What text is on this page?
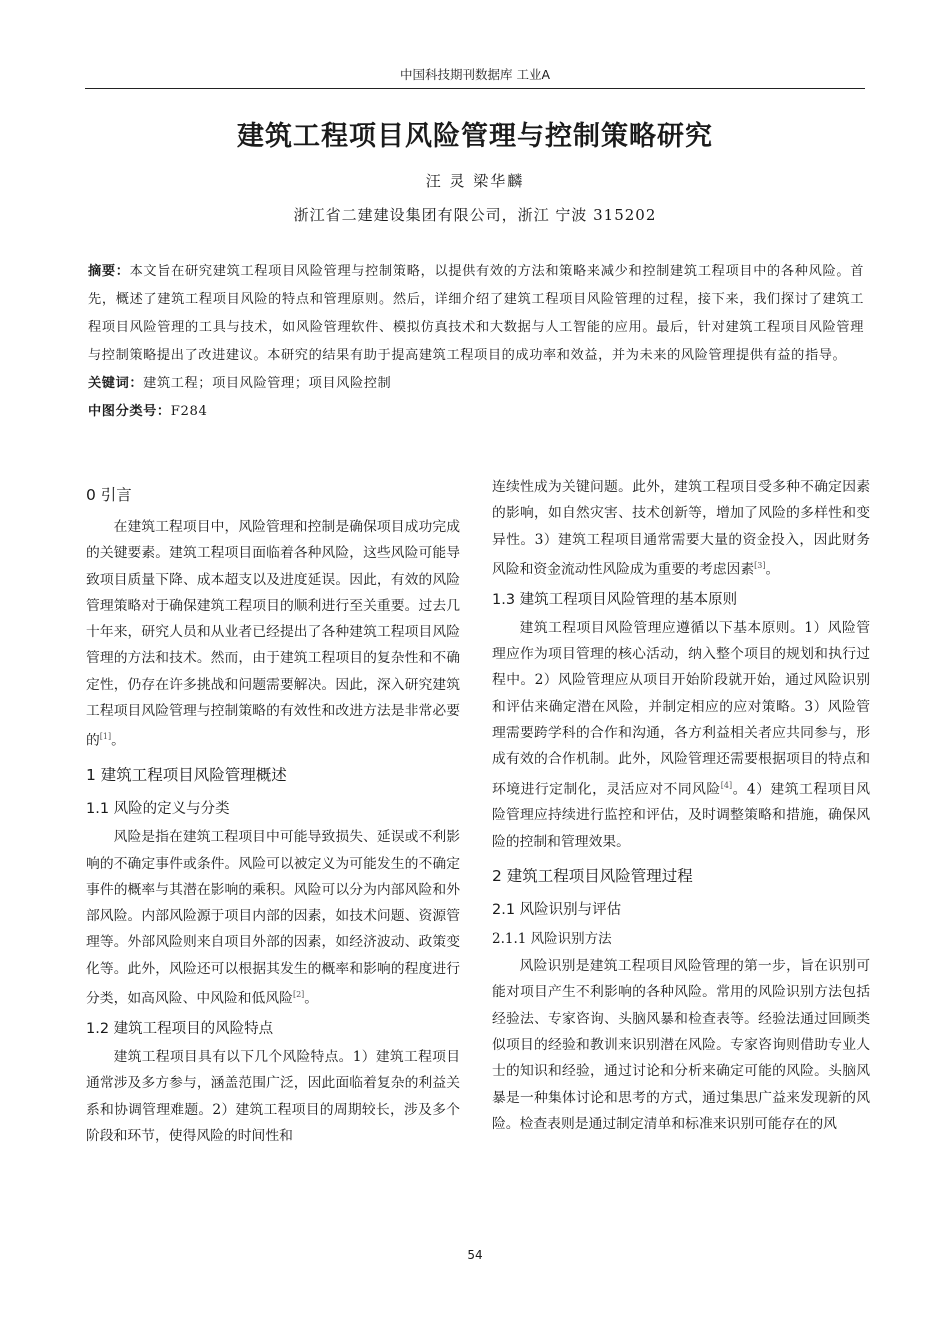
中国科技期刊数据库 工业A
建筑工程项目风险管理与控制策略研究
汪 灵 梁华麟
浙江省二建建设集团有限公司，浙江 宁波 315202

摘要：本文旨在研究建筑工程项目风险管理与控制策略，以提供有效的方法和策略来减少和控制建筑工程项目中的各种风险。首先，概述了建筑工程项目风险的特点和管理原则。然后，详细介绍了建筑工程项目风险管理的过程，接下来，我们探讨了建筑工程项目风险管理的工具与技术，如风险管理软件、模拟仿真技术和大数据与人工智能的应用。最后，针对建筑工程项目风险管理与控制策略提出了改进建议。本研究的结果有助于提高建筑工程项目的成功率和效益，并为未来的风险管理提供有益的指导。

关键词：建筑工程；项目风险管理；项目风险控制

中图分类号：F284

0 引言

在建筑工程项目中，风险管理和控制是确保项目成功完成的关键要素。建筑工程项目面临着各种风险，这些风险可能导致项目质量下降、成本超支以及进度延误。因此，有效的风险管理策略对于确保建筑工程项目的顺利进行至关重要。过去几十年来，研究人员和从业者已经提出了各种建筑工程项目风险管理的方法和技术。然而，由于建筑工程项目的复杂性和不确定性，仍存在许多挑战和问题需要解决。因此，深入研究建筑工程项目风险管理与控制策略的有效性和改进方法是非常必要的[1]。

1 建筑工程项目风险管理概述
1.1 风险的定义与分类

风险是指在建筑工程项目中可能导致损失、延误或不利影响的不确定事件或条件。风险可以被定义为可能发生的不确定事件的概率与其潜在影响的乘积。风险可以分为内部风险和外部风险。内部风险源于项目内部的因素，如技术问题、资源管理等。外部风险则来自项目外部的因素，如经济波动、政策变化等。此外，风险还可以根据其发生的概率和影响的程度进行分类，如高风险、中风险和低风险[2]。

1.2 建筑工程项目的风险特点

建筑工程项目具有以下几个风险特点。1）建筑工程项目通常涉及多方参与，涵盖范围广泛，因此面临着复杂的利益关系和协调管理难题。2）建筑工程项目的周期较长，涉及多个阶段和环节，使得风险的时间性和

连续性成为关键问题。此外，建筑工程项目受多种不确定因素的影响，如自然灾害、技术创新等，增加了风险的多样性和变异性。3）建筑工程项目通常需要大量的资金投入，因此财务风险和资金流动性风险成为重要的考虑因素[3]。

1.3 建筑工程项目风险管理的基本原则

建筑工程项目风险管理应遵循以下基本原则。1）风险管理应作为项目管理的核心活动，纳入整个项目的规划和执行过程中。2）风险管理应从项目开始阶段就开始，通过风险识别和评估来确定潜在风险，并制定相应的应对策略。3）风险管理需要跨学科的合作和沟通，各方利益相关者应共同参与，形成有效的合作机制。此外，风险管理还需要根据项目的特点和环境进行定制化，灵活应对不同风险[4]。4）建筑工程项目风险管理应持续进行监控和评估，及时调整策略和措施，确保风险的控制和管理效果。

2 建筑工程项目风险管理过程
2.1 风险识别与评估
2.1.1 风险识别方法

风险识别是建筑工程项目风险管理的第一步，旨在识别可能对项目产生不利影响的各种风险。常用的风险识别方法包括经验法、专家咨询、头脑风暴和检查表等。经验法通过回顾类似项目的经验和教训来识别潜在风险。专家咨询则借助专业人士的知识和经验，通过讨论和分析来确定可能的风险。头脑风暴是一种集体讨论和思考的方式，通过集思广益来发现新的风险。检查表则是通过制定清单和标准来识别可能存在的风

54
